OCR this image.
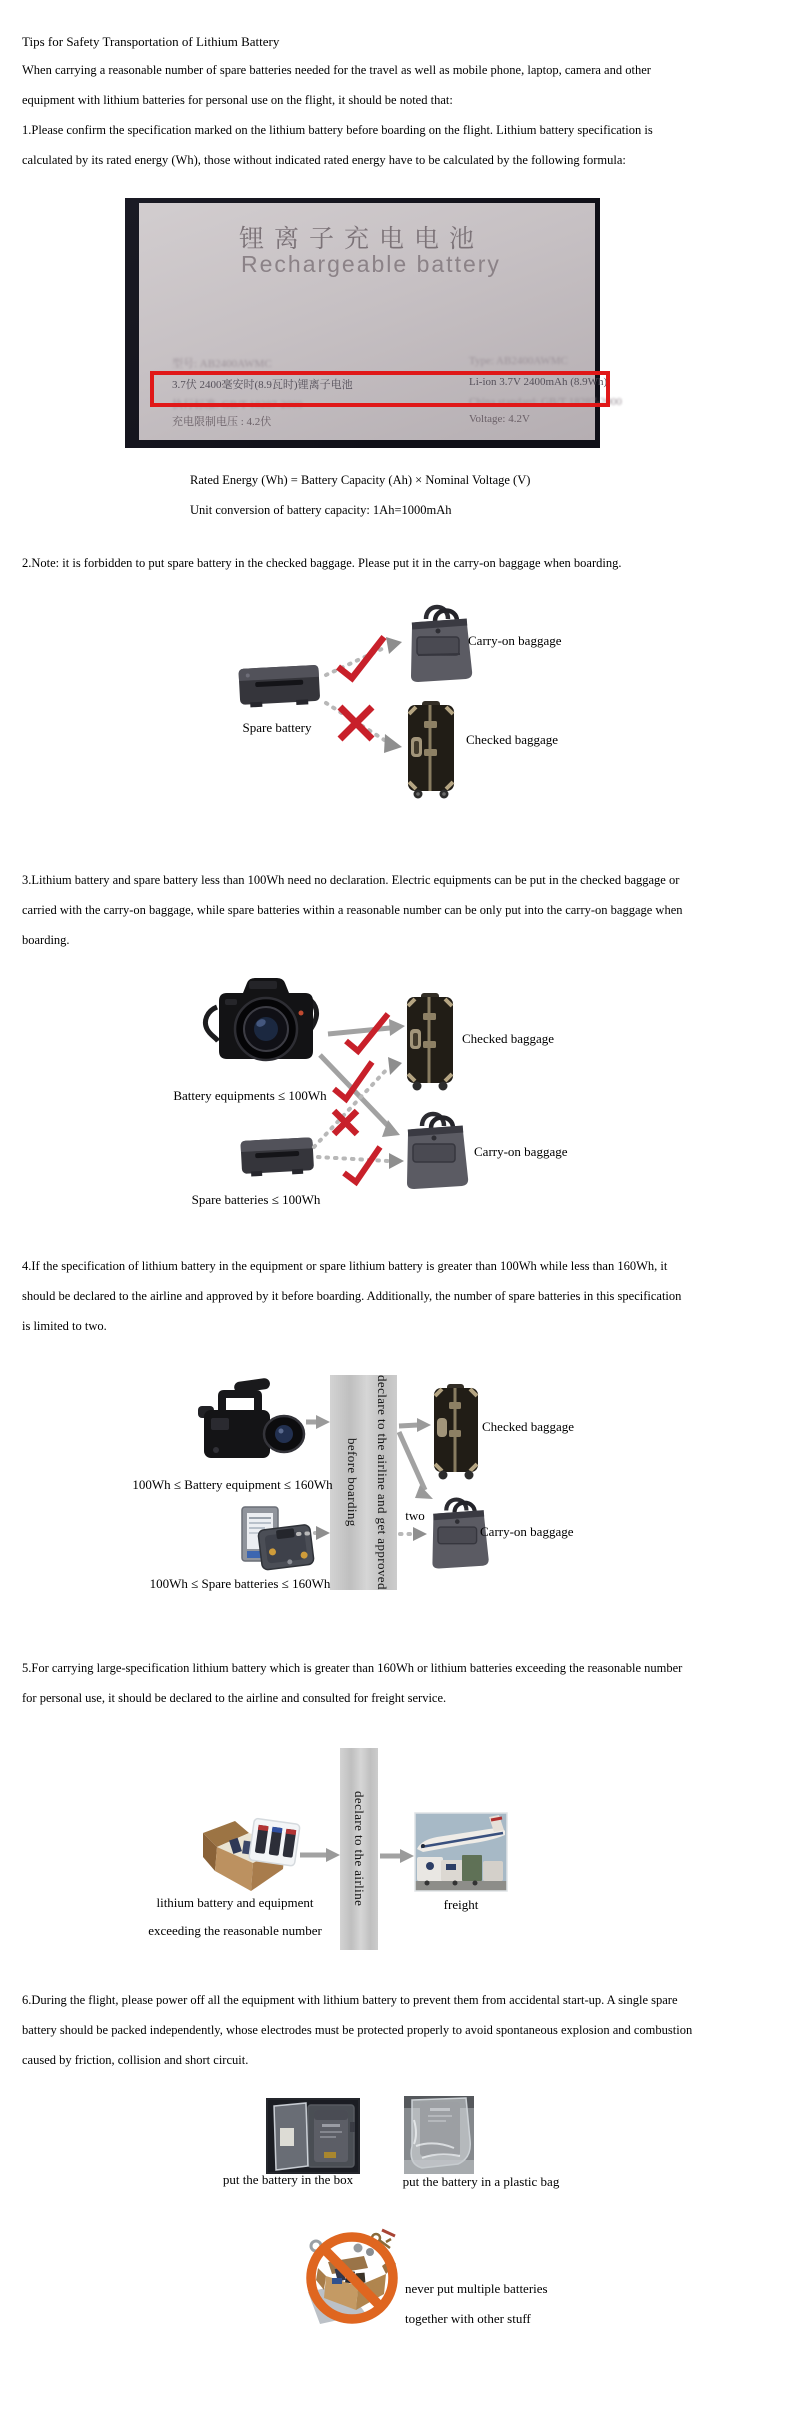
Tips for Safety Transportation of Lithium Battery
When carrying a reasonable number of spare batteries needed for the travel as well as mobile phone, laptop, camera and other
equipment with lithium batteries for personal use on the flight, it should be noted that:
1.Please confirm the specification marked on the lithium battery before boarding on the flight. Lithium battery specification is
calculated by its rated energy (Wh), those without indicated rated energy have to be calculated by the following formula:
锂离子充电电池
Rechargeable battery
型号: AB2400AWMC	Type: AB2400AWMC
3.7伏 2400毫安时(8.9瓦时)锂离子电池	Li-ion 3.7V 2400mAh (8.9Wh)
执行标准: GB/T 18287-2000	China standard: GB/T 18287-2000
充电限制电压 : 4.2伏	Voltage: 4.2V
Rated Energy (Wh) = Battery Capacity (Ah) × Nominal Voltage (V)
Unit conversion of battery capacity: 1Ah=1000mAh
2.Note: it is forbidden to put spare battery in the checked baggage. Please put it in the carry-on baggage when boarding.
Spare battery
Carry-on baggage
Checked baggage
3.Lithium battery and spare battery less than 100Wh need no declaration. Electric equipments can be put in the checked baggage or
carried with the carry-on baggage, while spare batteries within a reasonable number can be only put into the carry-on baggage when
boarding.
Battery equipments ≤ 100Wh
Spare batteries ≤ 100Wh
Checked baggage
Carry-on baggage
4.If the specification of lithium battery in the equipment or spare lithium battery is greater than 100Wh while less than 160Wh, it
should be declared to the airline and approved by it before boarding. Additionally, the number of spare batteries in this specification
is limited to two.
declare to the airline and get approved before boarding
100Wh ≤ Battery equipment ≤ 160Wh
100Wh ≤ Spare batteries ≤ 160Wh
Checked baggage
Carry-on baggage
two
5.For carrying large-specification lithium battery which is greater than 160Wh or lithium batteries exceeding the reasonable number
for personal use, it should be declared to the airline and consulted for freight service.
declare to the airline
lithium battery and equipment
exceeding the reasonable number
freight
6.During the flight, please power off all the equipment with lithium battery to prevent them from accidental start-up. A single spare
battery should be packed independently, whose electrodes must be protected properly to avoid spontaneous explosion and combustion
caused by friction, collision and short circuit.
put the battery in the box	put the battery in a plastic bag
never put multiple batteries
together with other stuff
